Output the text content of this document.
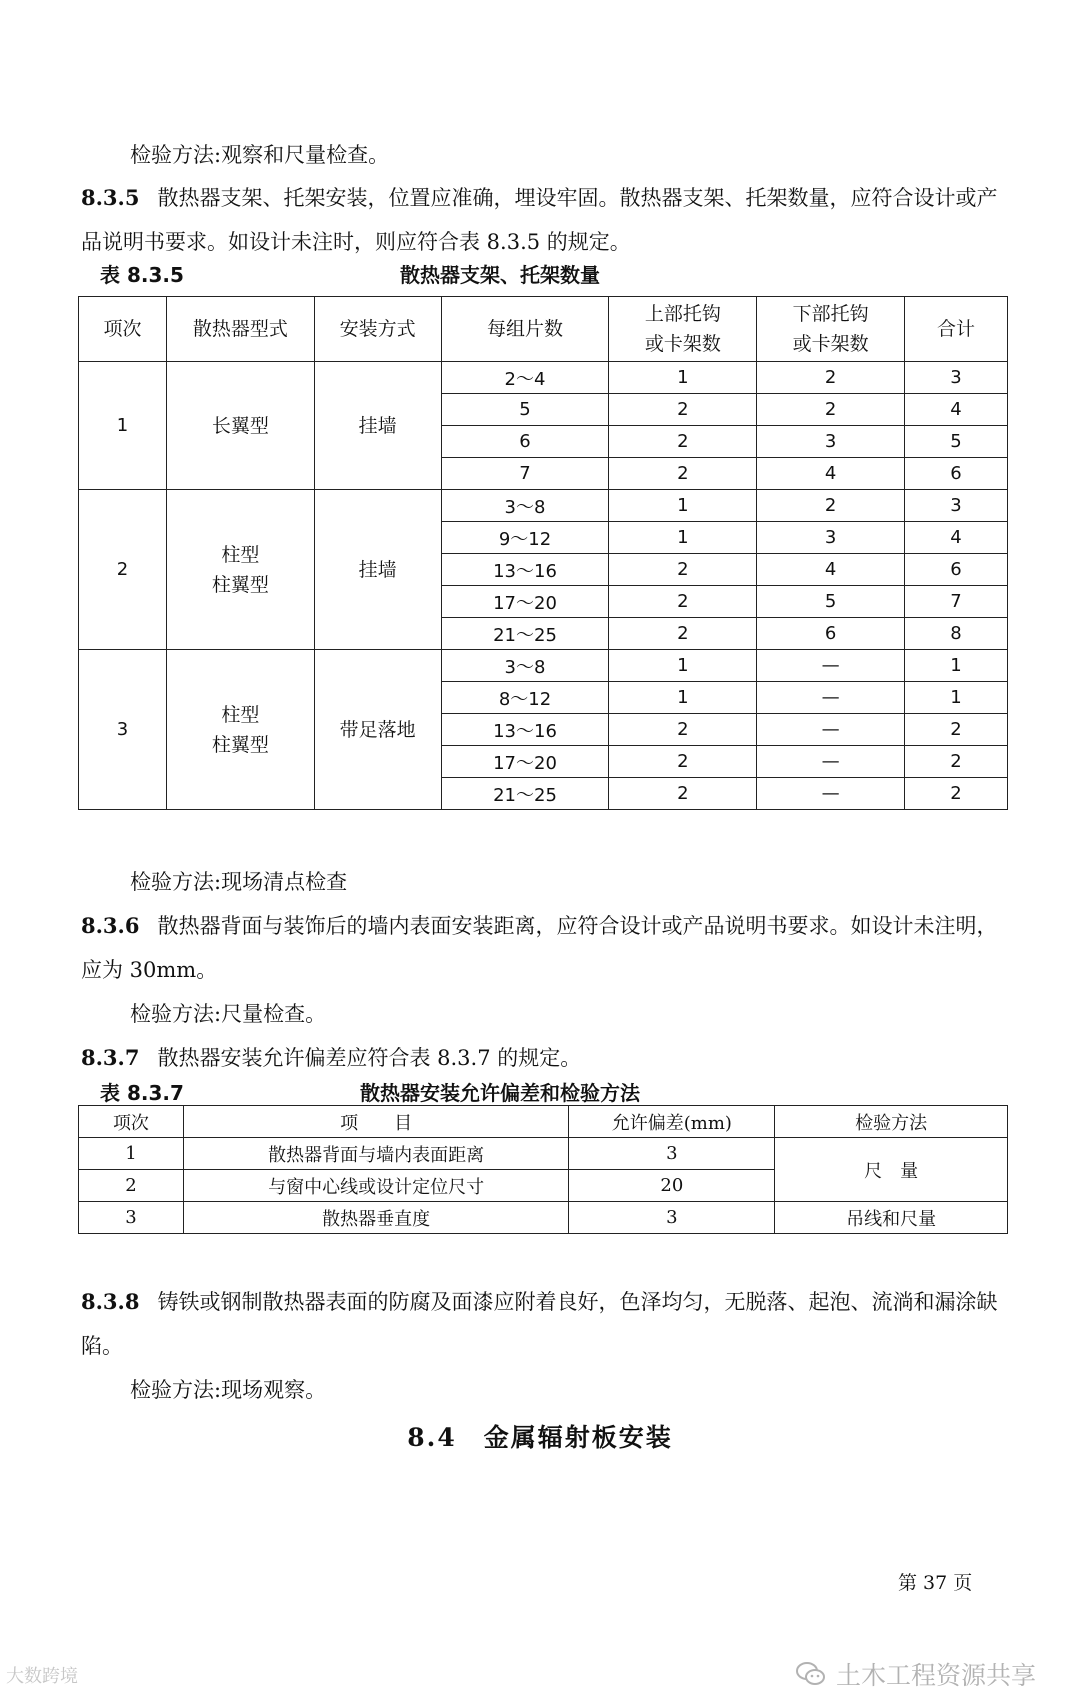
检验方法:观察和尺量检查。

8.3.5 散热器支架、托架安装，位置应准确，埋设牢固。散热器支架、托架数量，应符合设计或产品说明书要求。如设计未注时，则应符合表 8.3.5 的规定。

表 8.3.5	散热器支架、托架数量
项次	散热器型式	安装方式	每组片数	上部托钩
或卡架数	下部托钩
或卡架数	合计
1	长翼型	挂墙	2～4	1	2	3
			5	2	2	4
			6	2	3	5
			7	2	4	6
2	柱型
柱翼型	挂墙	3～8	1	2	3
			9～12	1	3	4
			13～16	2	4	6
			17～20	2	5	7
			21～25	2	6	8
3	柱型
柱翼型	带足落地	3～8	1	—	1
			8～12	1	—	1
			13～16	2	—	2
			17～20	2	—	2
			21～25	2	—	2

检验方法:现场清点检查

8.3.6 散热器背面与装饰后的墙内表面安装距离，应符合设计或产品说明书要求。如设计未注明，应为 30mm。

检验方法:尺量检查。

8.3.7 散热器安装允许偏差应符合表 8.3.7 的规定。

表 8.3.7	散热器安装允许偏差和检验方法
项次	项　　目	允许偏差(mm)	检验方法
1	散热器背面与墙内表面距离	3	尺　量
2	与窗中心线或设计定位尺寸	20	
3	散热器垂直度	3	吊线和尺量

8.3.8 铸铁或钢制散热器表面的防腐及面漆应附着良好，色泽均匀，无脱落、起泡、流淌和漏涂缺陷。

检验方法:现场观察。

8.4　金属辐射板安装
第 37 页
大数跨境	土木工程资源共享
